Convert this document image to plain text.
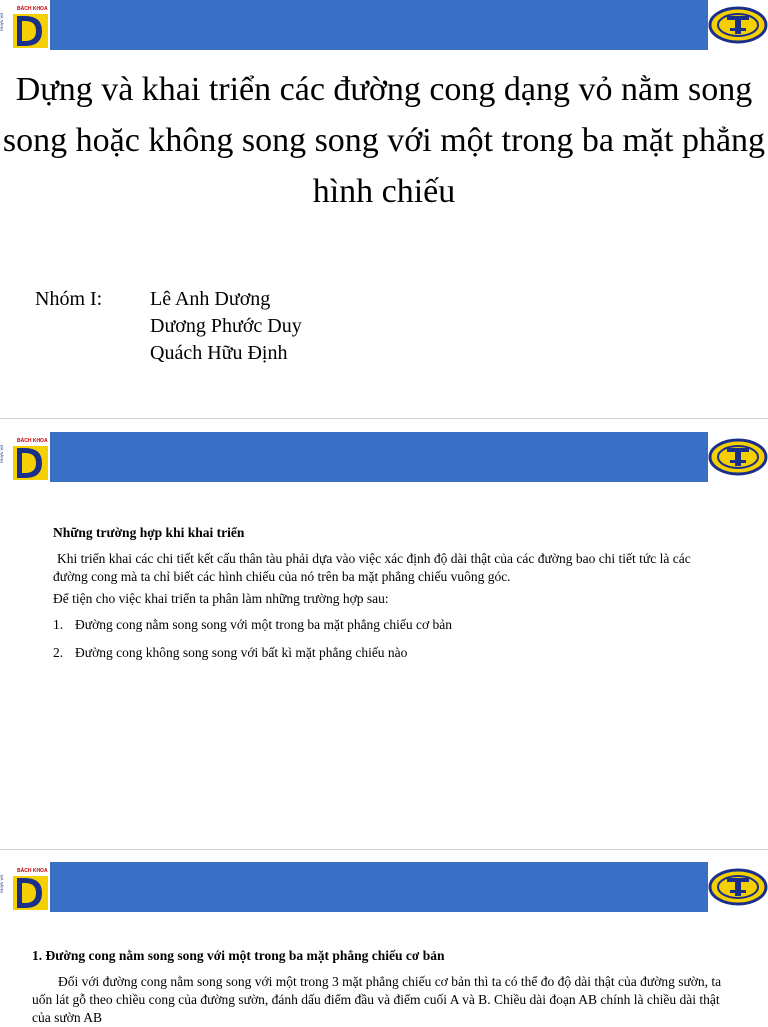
BÁCH KHOA
ĐÀ NẴNG
Dựng và khai triển các đường cong dạng vỏ nằm song song hoặc không song song với một trong ba mặt phẳng hình chiếu
Nhóm I: Lê Anh Dương
Dương Phước Duy
Quách Hữu Định
BÁCH KHOA
ĐÀ NẴNG

Những trường hợp khi khai triển

Khi triển khai các chi tiết kết cấu thân tàu phải dựa vào việc xác định độ dài thật của các đường bao chi tiết tức là các đường cong mà ta chỉ biết các hình chiếu của nó trên ba mặt phẳng chiếu vuông góc.

Để tiện cho việc khai triển ta phân làm những trường hợp sau:

1. Đường cong nằm song song với một trong ba mặt phẳng chiếu cơ bản
2. Đường cong không song song với bất kì mặt phẳng chiếu nào
BÁCH KHOA
ĐÀ NẴNG

1. Đường cong nằm song song với một trong ba mặt phẳng chiếu cơ bản

Đối với đường cong nằm song song với một trong 3 mặt phẳng chiếu cơ bản thì ta có thể đo độ dài thật của đường sườn, ta uốn lát gỗ theo chiều cong của đường sườn, đánh dấu điểm đầu và điểm cuối A và B. Chiều dài đoạn AB chính là chiều dài thật của sườn AB
